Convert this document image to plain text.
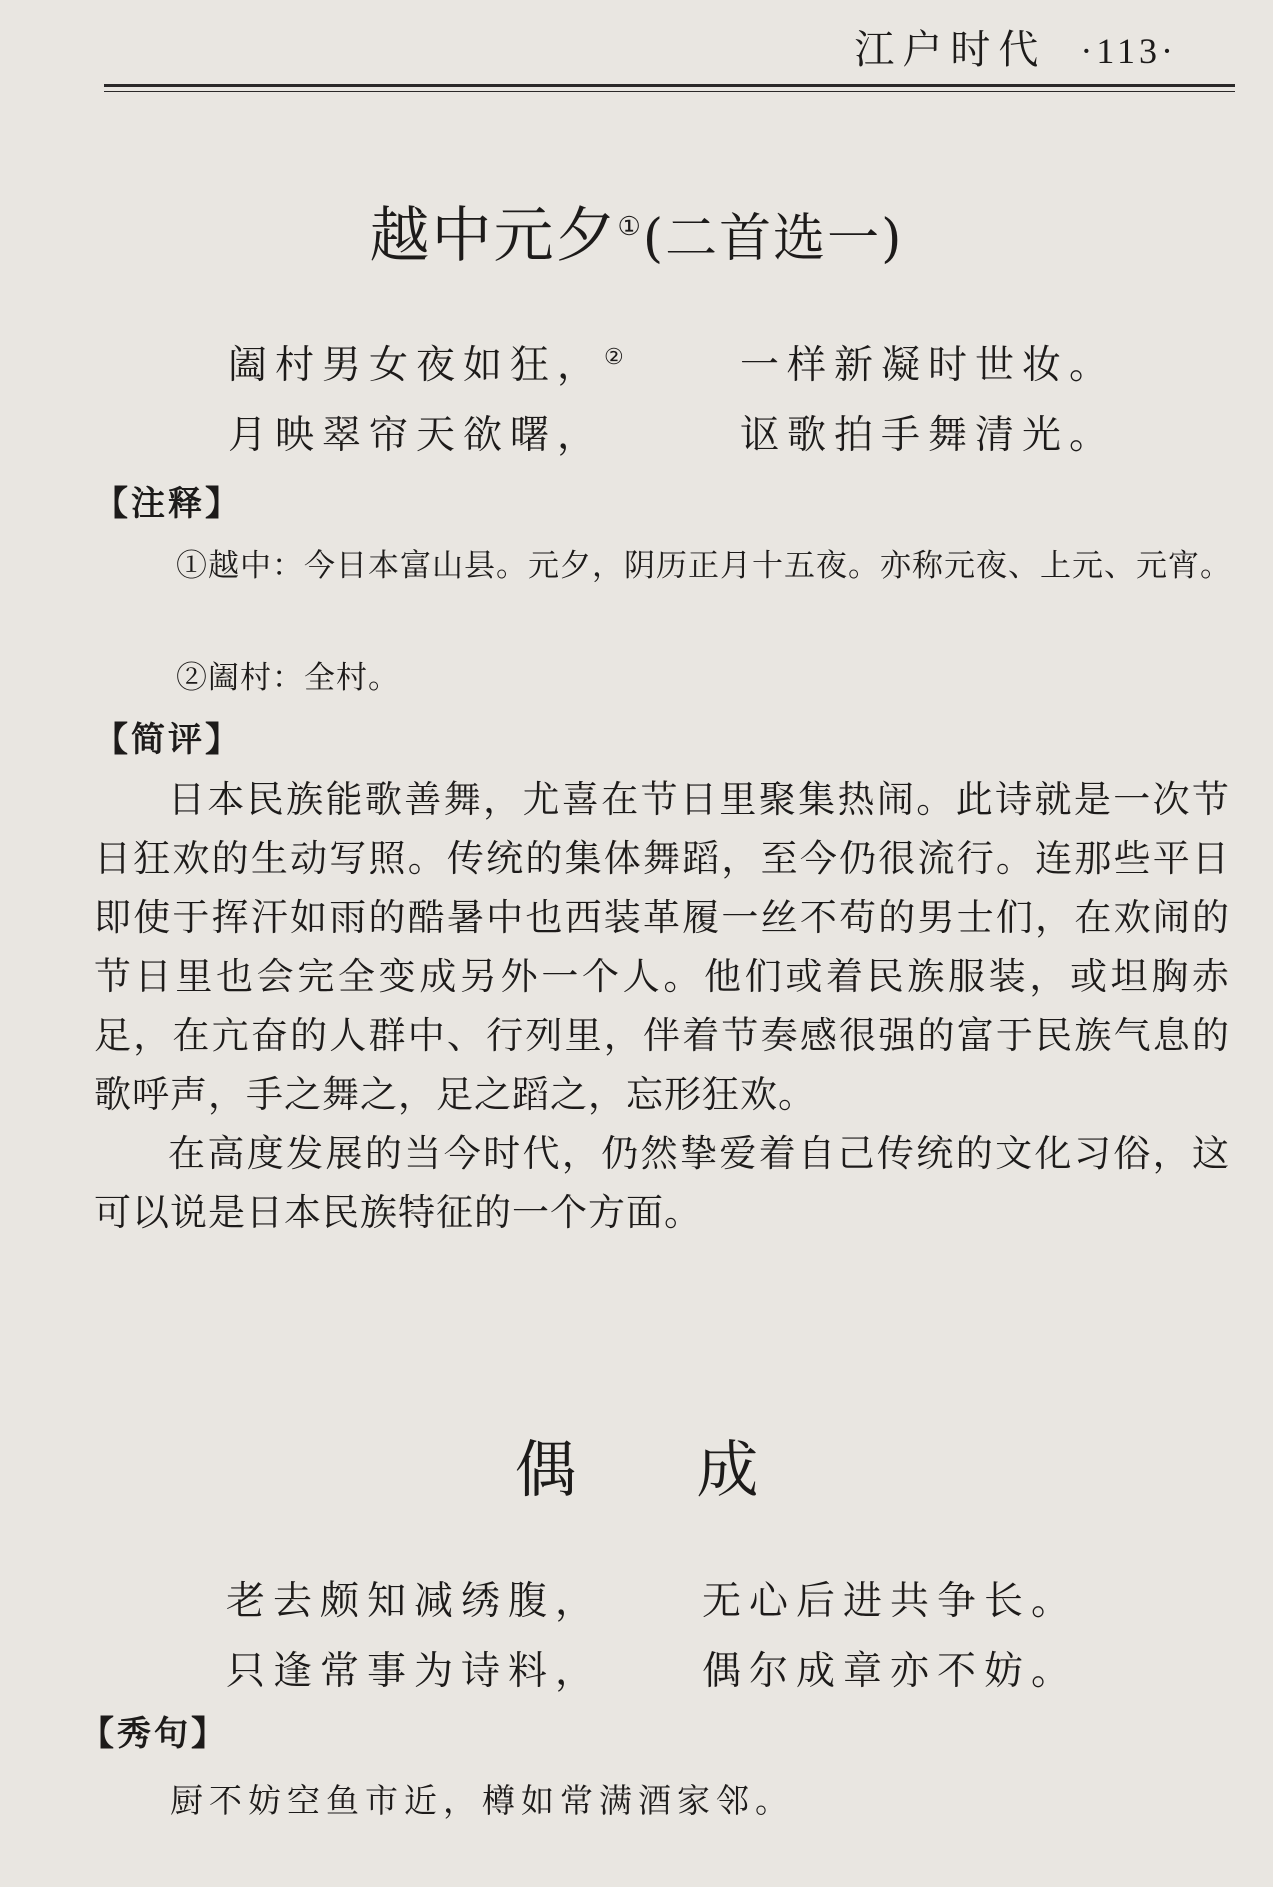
江户时代 ·113·
越中元夕①(二首选一)
阖村男女夜如狂，②	一样新凝时世妆。
月映翠帘天欲曙，	讴歌拍手舞清光。
【注释】
①越中：今日本富山县。元夕，阴历正月十五夜。亦称元夜、上元、元宵。
②阖村：全村。
【简评】

日本民族能歌善舞，尤喜在节日里聚集热闹。此诗就是一次节日狂欢的生动写照。传统的集体舞蹈，至今仍很流行。连那些平日即使于挥汗如雨的酷暑中也西装革履一丝不苟的男士们，在欢闹的节日里也会完全变成另外一个人。他们或着民族服装，或坦胸赤足，在亢奋的人群中、行列里，伴着节奏感很强的富于民族气息的歌呼声，手之舞之，足之蹈之，忘形狂欢。

在高度发展的当今时代，仍然挚爱着自己传统的文化习俗，这可以说是日本民族特征的一个方面。

偶 成
老去颇知减绣腹，	无心后进共争长。
只逢常事为诗料，	偶尔成章亦不妨。
【秀句】
厨不妨空鱼市近，樽如常满酒家邻。
